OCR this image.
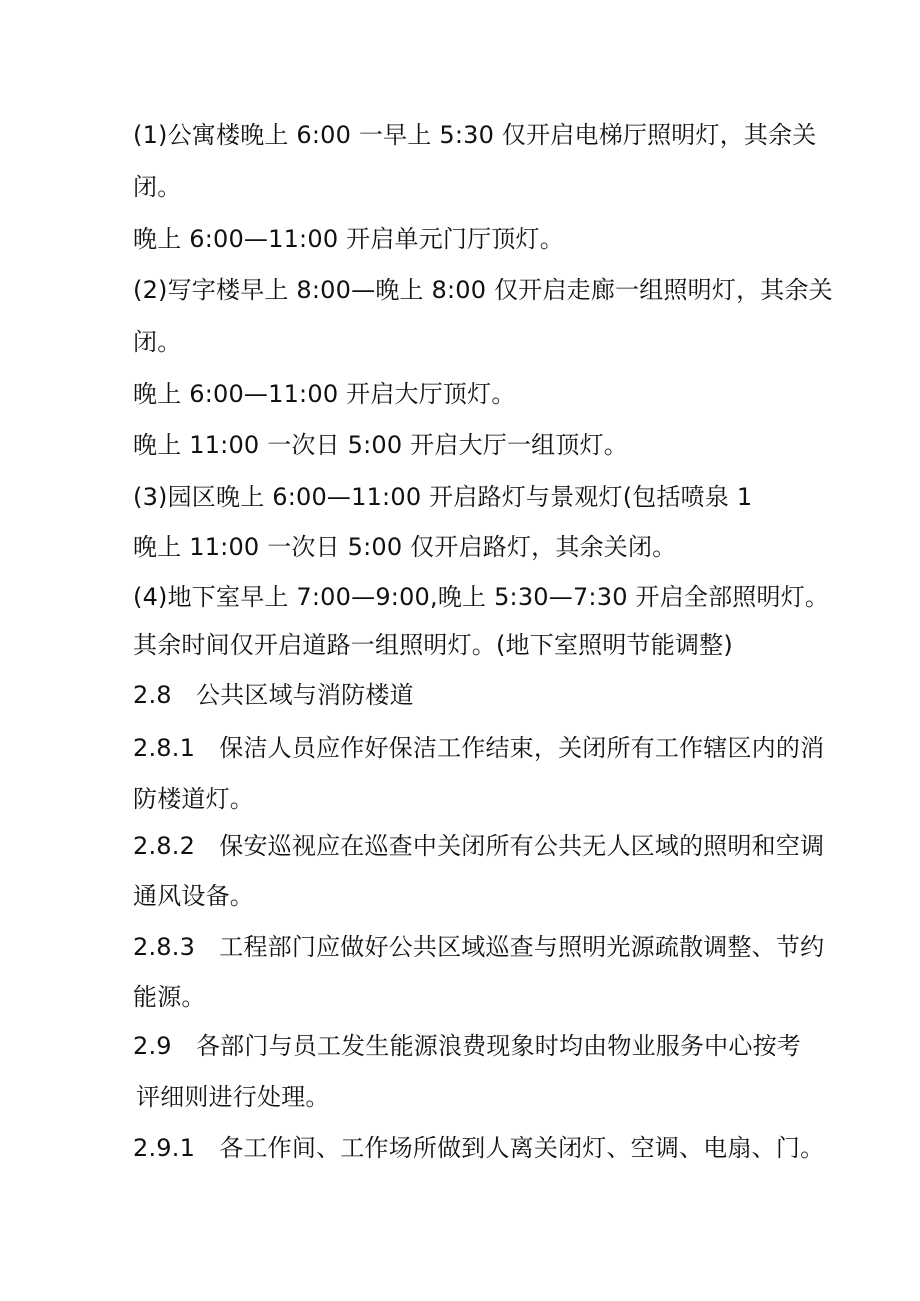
(1)公寓楼晚上 6:00 一早上 5:30 仅开启电梯厅照明灯，其余关
闭。
晚上 6:00—11:00 开启单元门厅顶灯。
(2)写字楼早上 8:00—晚上 8:00 仅开启走廊一组照明灯，其余关
闭。
晚上 6:00—11:00 开启大厅顶灯。
晚上 11:00 一次日 5:00 开启大厅一组顶灯。
(3)园区晚上 6:00—11:00 开启路灯与景观灯(包括喷泉 1
晚上 11:00 一次日 5:00 仅开启路灯，其余关闭。
(4)地下室早上 7:00—9:00,晚上 5:30—7:30 开启全部照明灯。
其余时间仅开启道路一组照明灯。(地下室照明节能调整)
2.8　公共区域与消防楼道
2.8.1　保洁人员应作好保洁工作结束，关闭所有工作辖区内的消
防楼道灯。
2.8.2　保安巡视应在巡查中关闭所有公共无人区域的照明和空调
通风设备。
2.8.3　工程部门应做好公共区域巡查与照明光源疏散调整、节约
能源。
2.9　各部门与员工发生能源浪费现象时均由物业服务中心按考
评细则进行处理。
2.9.1　各工作间、工作场所做到人离关闭灯、空调、电扇、门。
